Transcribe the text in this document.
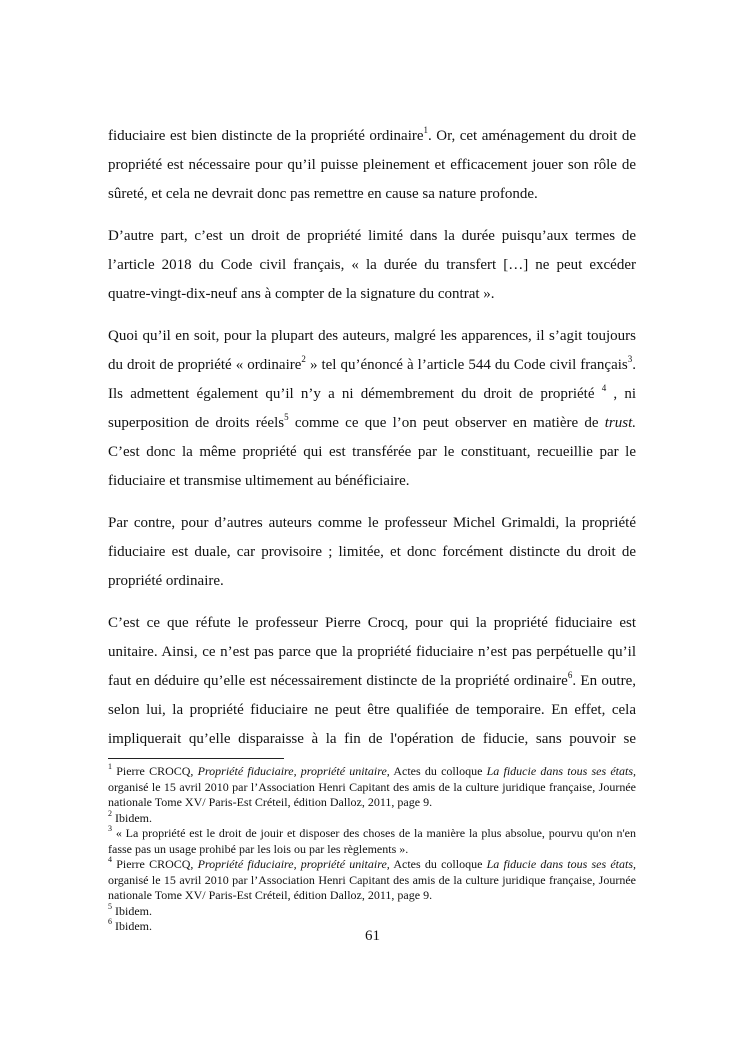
fiduciaire est bien distincte de la propriété ordinaire$^1$. Or, cet aménagement du droit de propriété est nécessaire pour qu’il puisse pleinement et efficacement jouer son rôle de sûreté, et cela ne devrait donc pas remettre en cause sa nature profonde.

D’autre part, c’est un droit de propriété limité dans la durée puisqu’aux termes de l’article 2018 du Code civil français, « la durée du transfert […] ne peut excéder quatre-vingt-dix-neuf ans à compter de la signature du contrat ».

Quoi qu’il en soit, pour la plupart des auteurs, malgré les apparences, il s’agit toujours du droit de propriété « ordinaire$^2$ » tel qu’énoncé à l’article 544 du Code civil français$^3$. Ils admettent également qu’il n’y a ni démembrement du droit de propriété $^4$ , ni superposition de droits réels$^5$ comme ce que l’on peut observer en matière de trust. C’est donc la même propriété qui est transférée par le constituant, recueillie par le fiduciaire et transmise ultimement au bénéficiaire.

Par contre, pour d’autres auteurs comme le professeur Michel Grimaldi, la propriété fiduciaire est duale, car provisoire ; limitée, et donc forcément distincte du droit de propriété ordinaire.

C’est ce que réfute le professeur Pierre Crocq, pour qui la propriété fiduciaire est unitaire. Ainsi, ce n’est pas parce que la propriété fiduciaire n’est pas perpétuelle qu’il faut en déduire qu’elle est nécessairement distincte de la propriété ordinaire$^6$. En outre, selon lui, la propriété fiduciaire ne peut être qualifiée de temporaire. En effet, cela impliquerait qu’elle disparaisse à la fin de l'opération de fiducie, sans pouvoir se

$^1$ Pierre CROCQ, Propriété fiduciaire, propriété unitaire, Actes du colloque La fiducie dans tous ses états, organisé le 15 avril 2010 par l’Association Henri Capitant des amis de la culture juridique française, Journée nationale Tome XV/ Paris-Est Créteil, édition Dalloz, 2011, page 9.

$^2$ Ibidem.

$^3$ « La propriété est le droit de jouir et disposer des choses de la manière la plus absolue, pourvu qu'on n'en fasse pas un usage prohibé par les lois ou par les règlements ».

$^4$ Pierre CROCQ, Propriété fiduciaire, propriété unitaire, Actes du colloque La fiducie dans tous ses états, organisé le 15 avril 2010 par l’Association Henri Capitant des amis de la culture juridique française, Journée nationale Tome XV/ Paris-Est Créteil, édition Dalloz, 2011, page 9.

$^5$ Ibidem.

$^6$ Ibidem.

61
